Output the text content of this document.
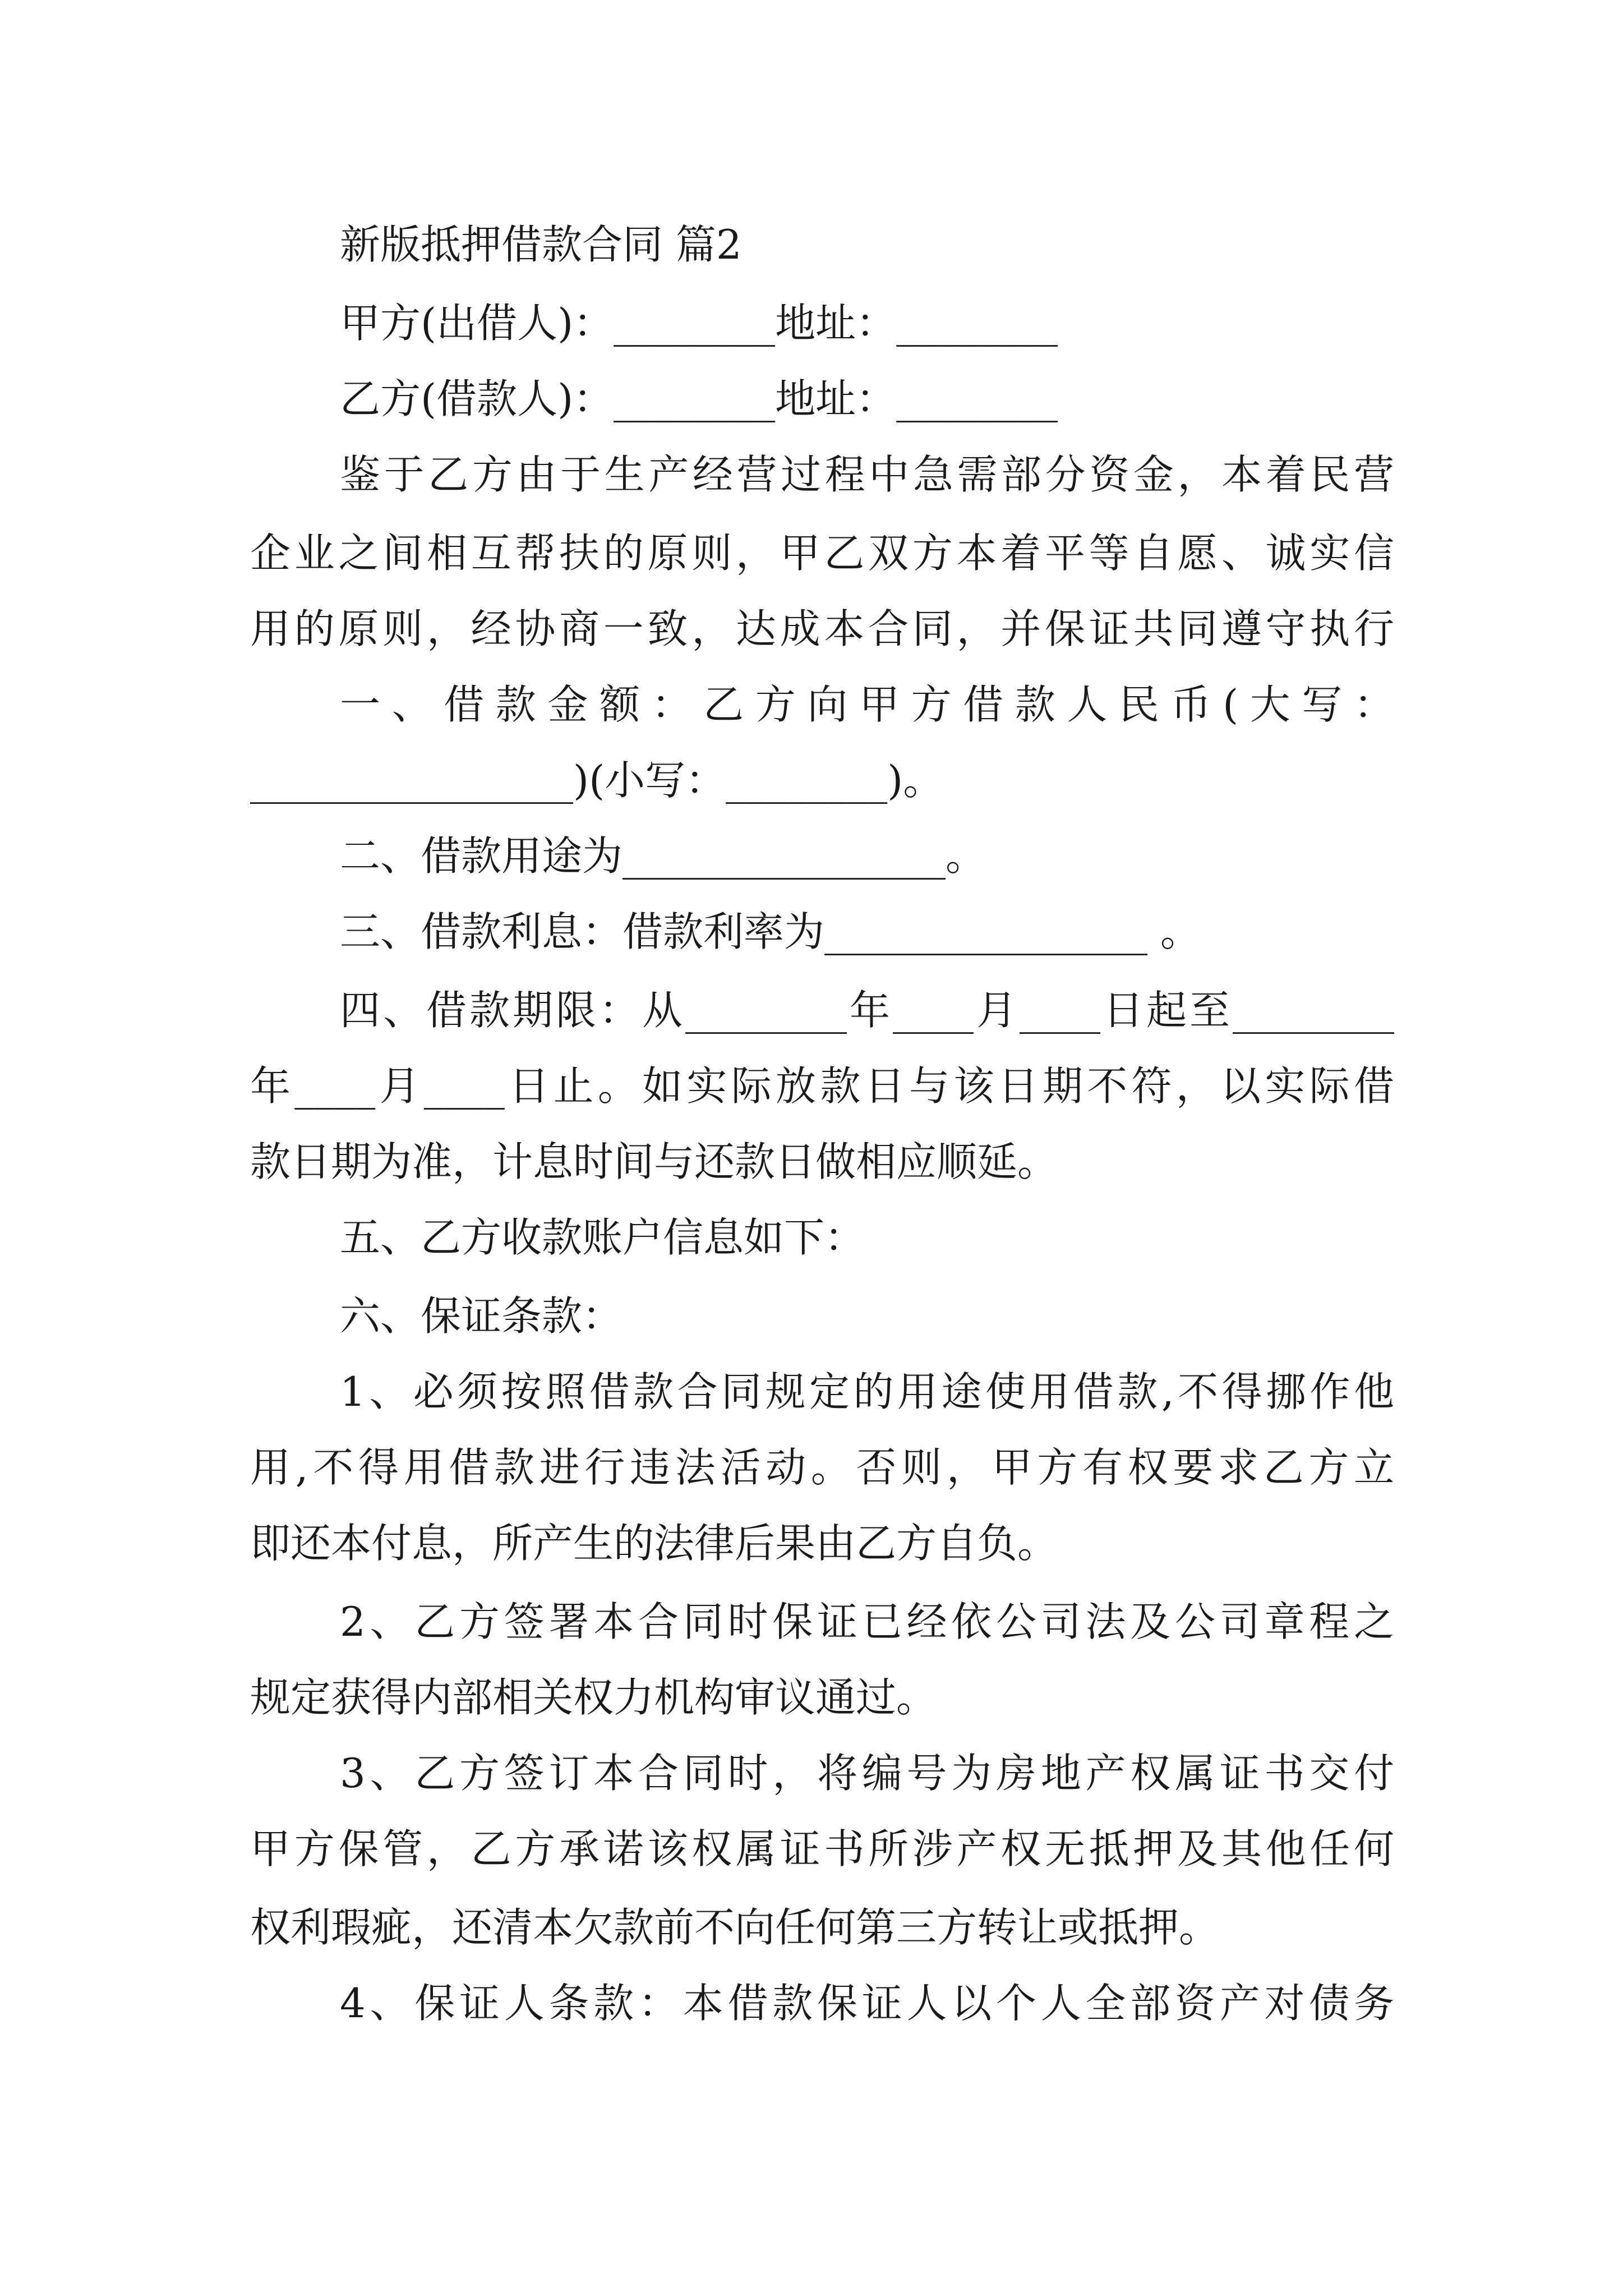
新版抵押借款合同 篇2
甲方(出借人)：________地址：________
乙方(借款人)：________地址：________
鉴于乙方由于生产经营过程中急需部分资金，本着民营
企业之间相互帮扶的原则，甲乙双方本着平等自愿、诚实信
用的原则，经协商一致，达成本合同，并保证共同遵守执行
一、借款金额：乙方向甲方借款人民币(大写：
________________)(小写：________)。
二、借款用途为________________。
三、借款利息：借款利率为________________ 。
四、借款期限：从________年____月____日起至________
年____月____日止。如实际放款日与该日期不符，以实际借
款日期为准，计息时间与还款日做相应顺延。
五、乙方收款账户信息如下：
六、保证条款：
1、必须按照借款合同规定的用途使用借款,不得挪作他
用,不得用借款进行违法活动。否则，甲方有权要求乙方立
即还本付息，所产生的法律后果由乙方自负。
2、乙方签署本合同时保证已经依公司法及公司章程之
规定获得内部相关权力机构审议通过。
3、乙方签订本合同时，将编号为房地产权属证书交付
甲方保管，乙方承诺该权属证书所涉产权无抵押及其他任何
权利瑕疵，还清本欠款前不向任何第三方转让或抵押。
4、保证人条款：本借款保证人以个人全部资产对债务
